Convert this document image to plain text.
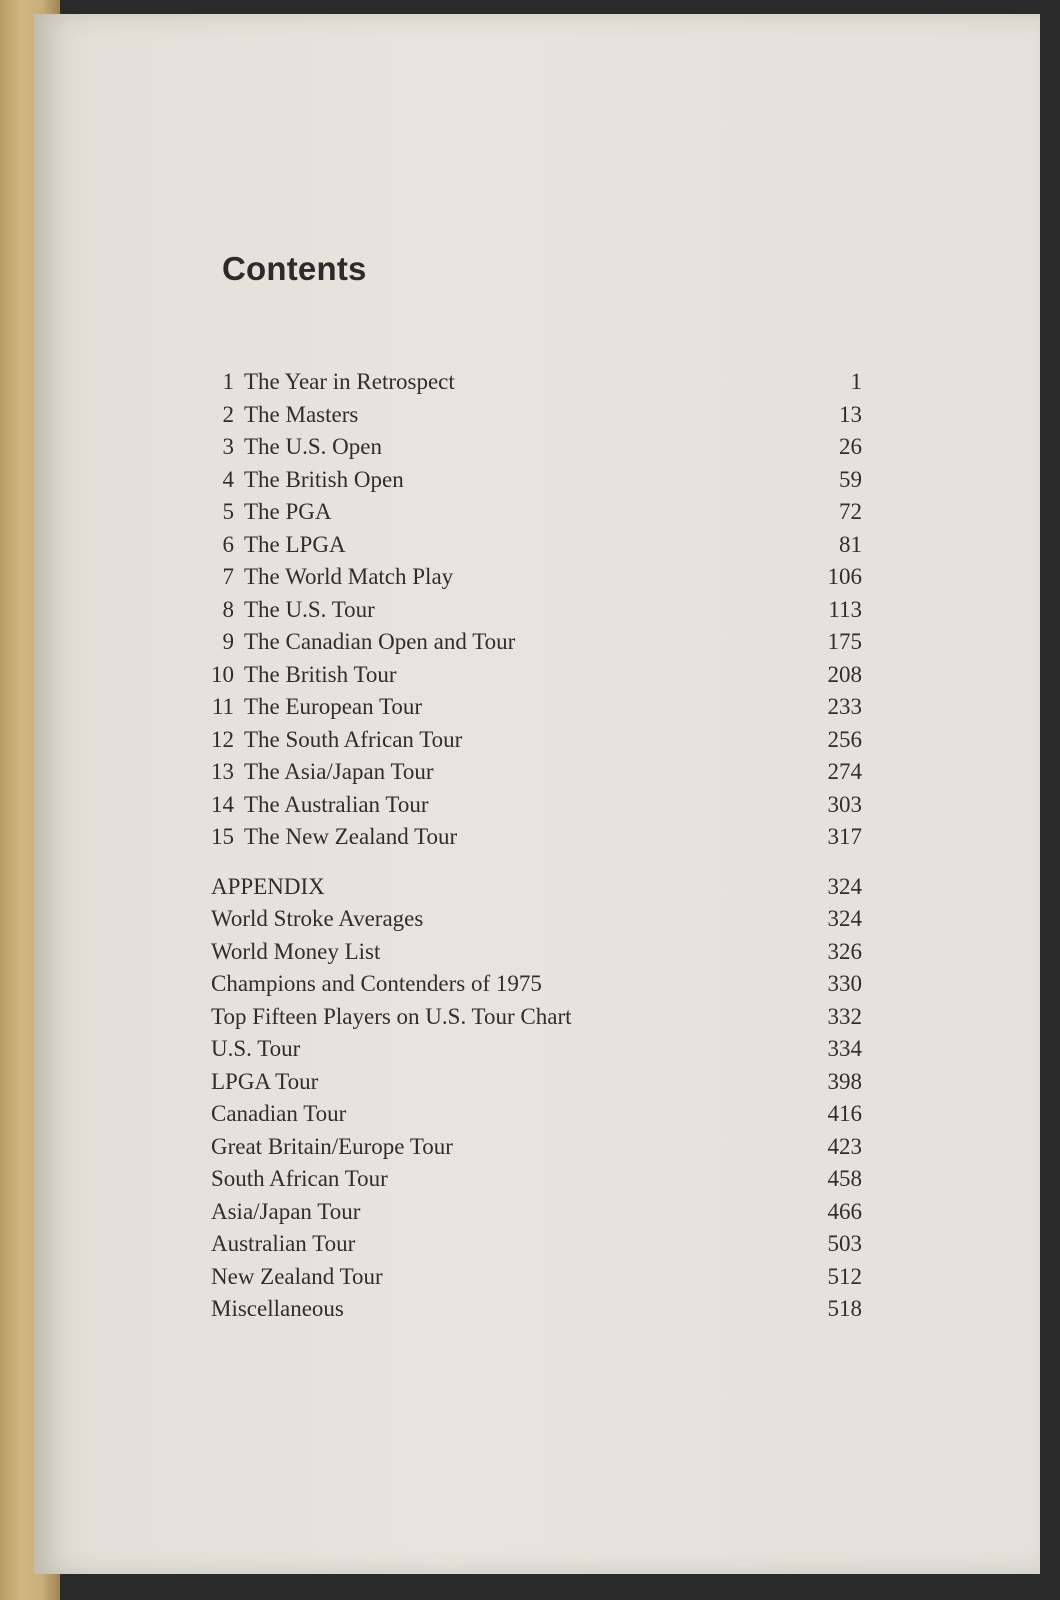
Contents
1 The Year in Retrospect	1
2 The Masters	13
3 The U.S. Open	26
4 The British Open	59
5 The PGA	72
6 The LPGA	81
7 The World Match Play	106
8 The U.S. Tour	113
9 The Canadian Open and Tour	175
10 The British Tour	208
11 The European Tour	233
12 The South African Tour	256
13 The Asia/Japan Tour	274
14 The Australian Tour	303
15 The New Zealand Tour	317
APPENDIX	324
World Stroke Averages	324
World Money List	326
Champions and Contenders of 1975	330
Top Fifteen Players on U.S. Tour Chart	332
U.S. Tour	334
LPGA Tour	398
Canadian Tour	416
Great Britain/Europe Tour	423
South African Tour	458
Asia/Japan Tour	466
Australian Tour	503
New Zealand Tour	512
Miscellaneous	518
